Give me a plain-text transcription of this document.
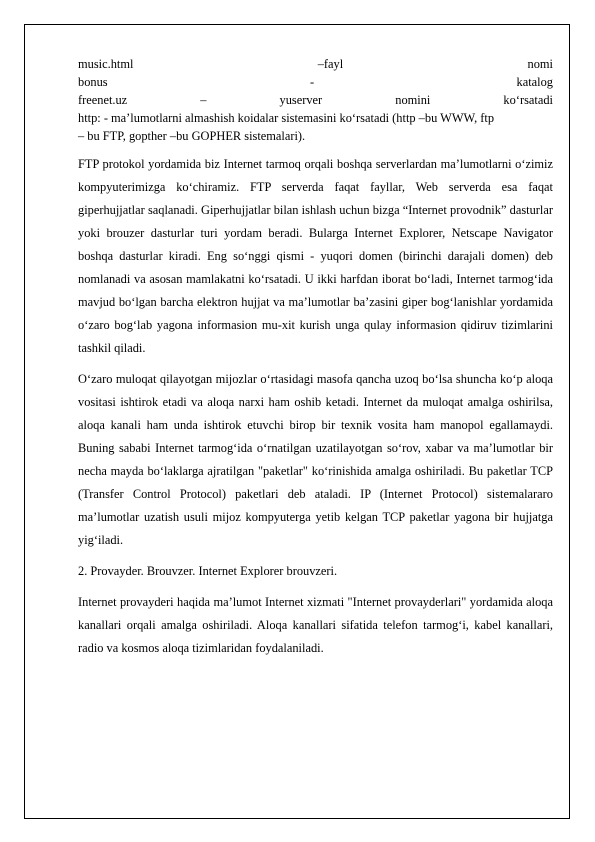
music.html	–fayl	nomi
bonus	-	katalog
freenet.uz	–	yuserver	nomini	ko‘rsatadi
http: - ma’lumotlarni almashish koidalar sistemasini ko‘rsatadi (http –bu WWW, ftp
– bu FTP, gopther –bu GOPHER sistemalari).

FTP protokol yordamida biz Internet tarmoq orqali boshqa serverlardan ma’lumotlarni o‘zimiz kompyuterimizga ko‘chiramiz. FTP serverda faqat fayllar, Web serverda esa faqat giperhujjatlar saqlanadi. Giperhujjatlar bilan ishlash uchun bizga “Internet provodnik” dasturlar yoki brouzer dasturlar turi yordam beradi. Bularga Internet Explorer, Netscape Navigator boshqa dasturlar kiradi. Eng so‘nggi qismi - yuqori domen (birinchi darajali domen) deb nomlanadi va asosan mamlakatni ko‘rsatadi. U ikki harfdan iborat bo‘ladi, Internet tarmog‘ida mavjud bo‘lgan barcha elektron hujjat va ma’lumotlar ba’zasini giper bog‘lanishlar yordamida o‘zaro bog‘lab yagona informasion mu-xit kurish unga qulay informasion qidiruv tizimlarini tashkil qiladi.

O‘zaro muloqat qilayotgan mijozlar o‘rtasidagi masofa qancha uzoq bo‘lsa shuncha ko‘p aloqa vositasi ishtirok etadi va aloqa narxi ham oshib ketadi. Internet da muloqat amalga oshirilsa, aloqa kanali ham unda ishtirok etuvchi birop bir texnik vosita ham manopol egallamaydi. Buning sababi Internet tarmog‘ida o‘rnatilgan uzatilayotgan so‘rov, xabar va ma’lumotlar bir necha mayda bo‘laklarga ajratilgan "paketlar" ko‘rinishida amalga oshiriladi. Bu paketlar TCP (Transfer Control Protocol) paketlari deb ataladi. IP (Internet Protocol) sistemalararo ma’lumotlar uzatish usuli mijoz kompyuterga yetib kelgan TCP paketlar yagona bir hujjatga yig‘iladi.

2. Provayder. Brouvzer. Internet Explorer brouvzeri.

Internet provayderi haqida ma’lumot Internet xizmati "Internet provayderlari" yordamida aloqa kanallari orqali amalga oshiriladi. Aloqa kanallari sifatida telefon tarmog‘i, kabel kanallari, radio va kosmos aloqa tizimlaridan foydalaniladi.
